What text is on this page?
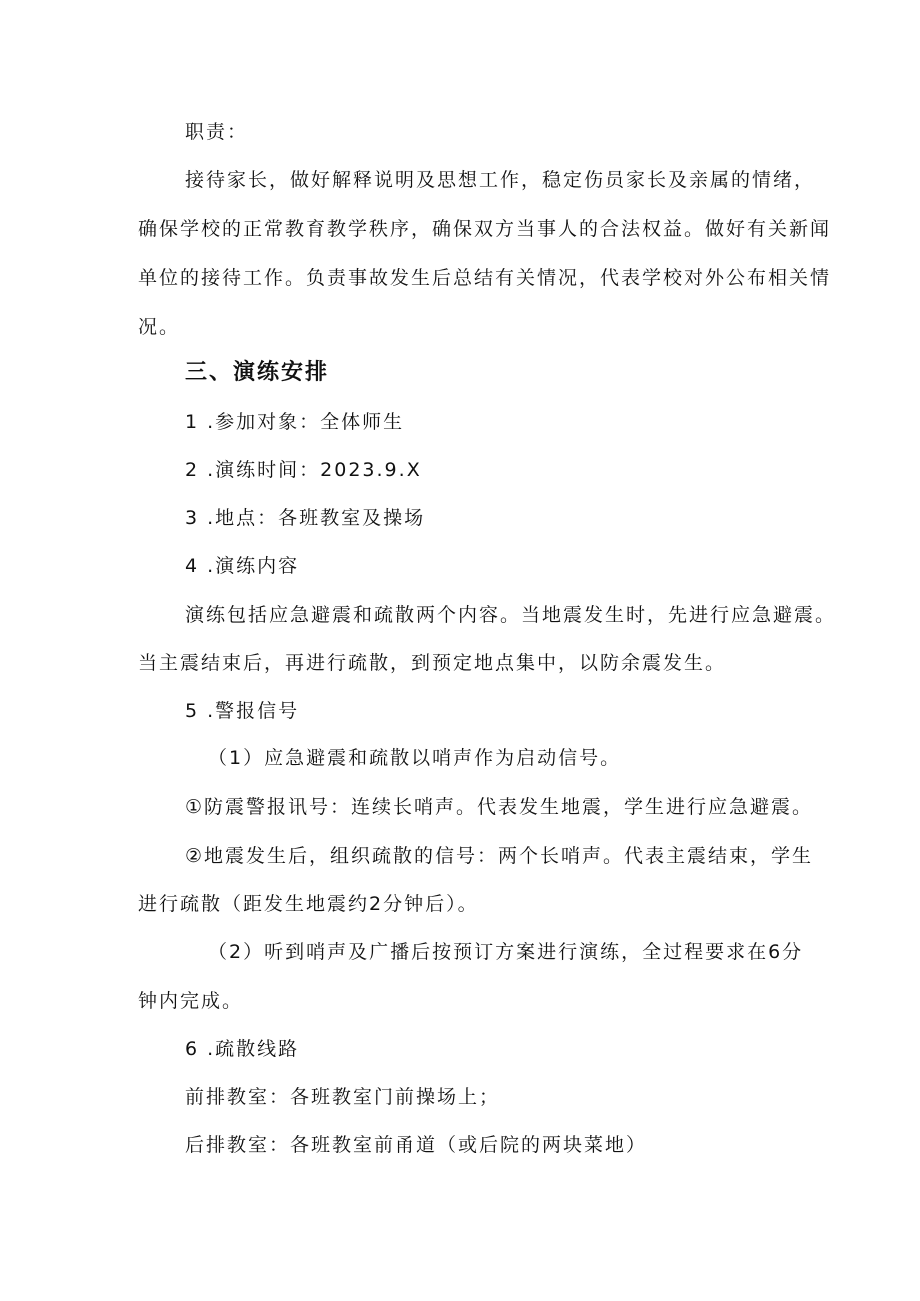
职责：
接待家长，做好解释说明及思想工作，稳定伤员家长及亲属的情绪，
确保学校的正常教育教学秩序，确保双方当事人的合法权益。做好有关新闻
单位的接待工作。负责事故发生后总结有关情况，代表学校对外公布相关情
况。
三、演练安排
1 .参加对象：全体师生
2 .演练时间：2023.9.X
3 .地点：各班教室及操场
4 .演练内容
演练包括应急避震和疏散两个内容。当地震发生时，先进行应急避震。
当主震结束后，再进行疏散，到预定地点集中，以防余震发生。
5 .警报信号
（1）应急避震和疏散以哨声作为启动信号。
①防震警报讯号：连续长哨声。代表发生地震，学生进行应急避震。
②地震发生后，组织疏散的信号：两个长哨声。代表主震结束，学生
进行疏散（距发生地震约2分钟后）。
（2）听到哨声及广播后按预订方案进行演练，全过程要求在6分
钟内完成。
6 .疏散线路
前排教室：各班教室门前操场上；
后排教室：各班教室前甬道（或后院的两块菜地）
